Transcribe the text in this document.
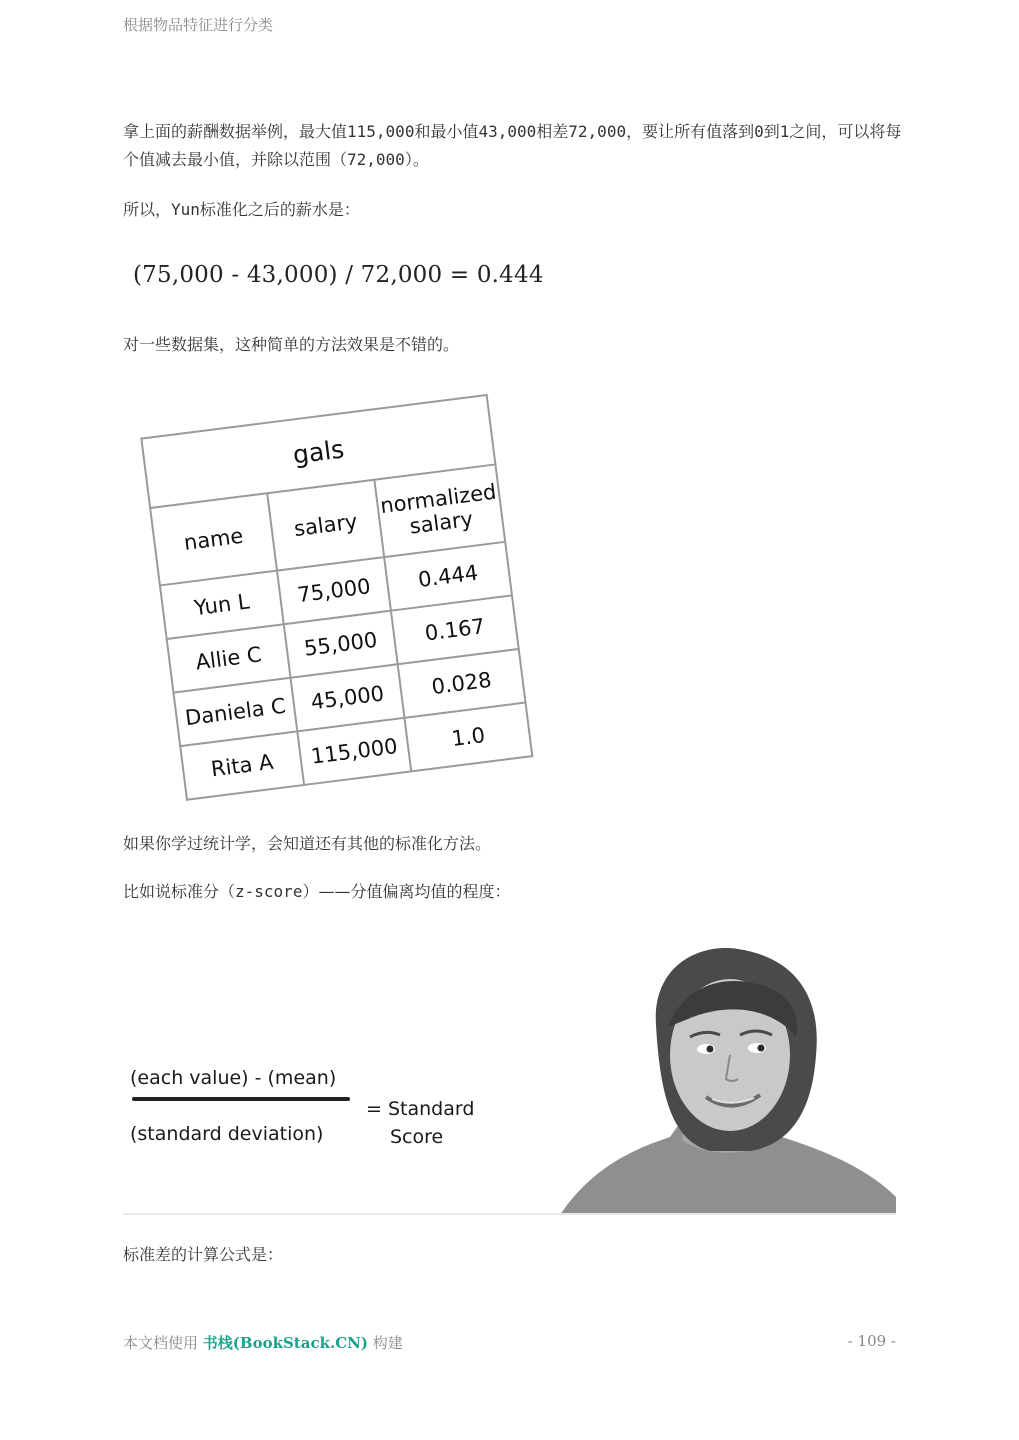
根据物品特征进行分类

拿上面的薪酬数据举例，最大值115,000和最小值43,000相差72,000，要让所有值落到0到1之间，可以将每个值减去最小值，并除以范围（72,000）。

所以，Yun标准化之后的薪水是：

(75,000 - 43,000) / 72,000 = 0.444

对一些数据集，这种简单的方法效果是不错的。

gals		
name	salary	normalized salary
Yun L	75,000	0.444
Allie C	55,000	0.167
Daniela C	45,000	0.028
Rita A	115,000	1.0

如果你学过统计学，会知道还有其他的标准化方法。

比如说标准分（z-score）——分值偏离均值的程度：

(each value) - (mean)
(standard deviation)
= Standard
Score

标准差的计算公式是：

本文档使用 书栈(BookStack.CN) 构建	- 109 -
